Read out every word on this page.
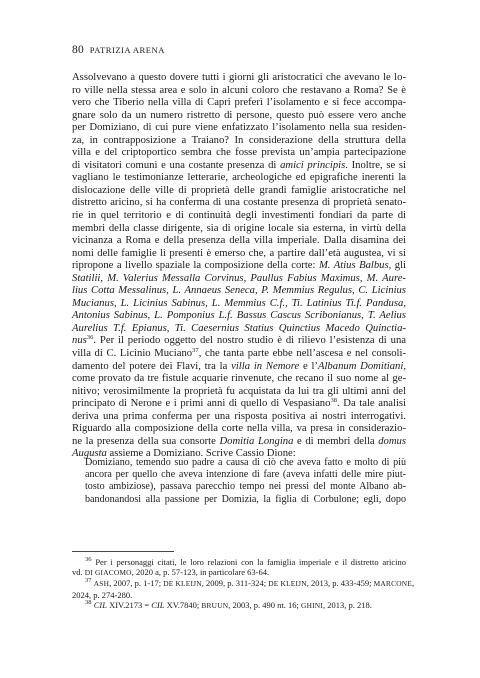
80 PATRIZIA ARENA
Assolvevano a questo dovere tutti i giorni gli aristocratici che avevano le lo-
ro ville nella stessa area e solo in alcuni coloro che restavano a Roma? Se è
vero che Tiberio nella villa di Capri preferì l’isolamento e si fece accompa-
gnare solo da un numero ristretto di persone, questo può essere vero anche
per Domiziano, di cui pure viene enfatizzato l’isolamento nella sua residen-
za, in contrapposizione a Traiano? In considerazione della struttura della
villa e del criptoportico sembra che fosse prevista un’ampia partecipazione
di visitatori comuni e una costante presenza di amici principis. Inoltre, se si
vagliano le testimonianze letterarie, archeologiche ed epigrafiche inerenti la
dislocazione delle ville di proprietà delle grandi famiglie aristocratiche nel
distretto aricino, si ha conferma di una costante presenza di proprietà senato-
rie in quel territorio e di continuità degli investimenti fondiari da parte di
membri della classe dirigente, sia di origine locale sia esterna, in virtù della
vicinanza a Roma e della presenza della villa imperiale. Dalla disamina dei
nomi delle famiglie lì presenti è emerso che, a partire dall’età augustea, vi si
ripropone a livello spaziale la composizione della corte: M. Atius Balbus, gli
Statilii, M. Valerius Messalla Corvinus, Paullus Fabius Maximus, M. Aure-
lius Cotta Messalinus, L. Annaeus Seneca, P. Memmius Regulus, C. Licinius
Mucianus, L. Licinius Sabinus, L. Memmius C.f., Ti. Latinius Ti.f. Pandusa,
Antonius Sabinus, L. Pomponius L.f. Bassus Cascus Scribonianus, T. Aelius
Aurelius T.f. Epianus, Ti. Caesernius Statius Quinctius Macedo Quinctia-
nus$^{36}$. Per il periodo oggetto del nostro studio è di rilievo l’esistenza di una
villa di C. Licinio Muciano$^{37}$, che tanta parte ebbe nell’ascesa e nel consoli-
damento del potere dei Flavi, tra la villa in Nemore e l’Albanum Domitiani,
come provato da tre fistule acquarie rinvenute, che recano il suo nome al ge-
nitivo; verosimilmente la proprietà fu acquistata da lui tra gli ultimi anni del
principato di Nerone e i primi anni di quello di Vespasiano$^{38}$. Da tale analisi
deriva una prima conferma per una risposta positiva ai nostri interrogativi.
Riguardo alla composizione della corte nella villa, va presa in considerazio-
ne la presenza della sua consorte Domitia Longina e di membri della domus
Augusta assieme a Domiziano. Scrive Cassio Dione:
Domiziano, temendo suo padre a causa di ciò che aveva fatto e molto di più
ancora per quello che aveva intenzione di fare (aveva infatti delle mire piut-
tosto ambiziose), passava parecchio tempo nei pressi del monte Albano ab-
bandonandosi alla passione per Domizia, la figlia di Corbulone; egli, dopo
$^{36}$ Per i personaggi citati, le loro relazioni con la famiglia imperiale e il distretto aricino
vd. DI GIACOMO, 2020 a, p. 57-123, in particolare 63-64.
$^{37}$ ASH, 2007, p. 1-17; DE KLEIJN, 2009, p. 311-324; DE KLEIJN, 2013, p. 433-459; MARCONE,
2024, p. 274-280.
$^{38}$ CIL XIV.2173 = CIL XV.7840; BRUUN, 2003, p. 490 nt. 16; GHINI, 2013, p. 218.
